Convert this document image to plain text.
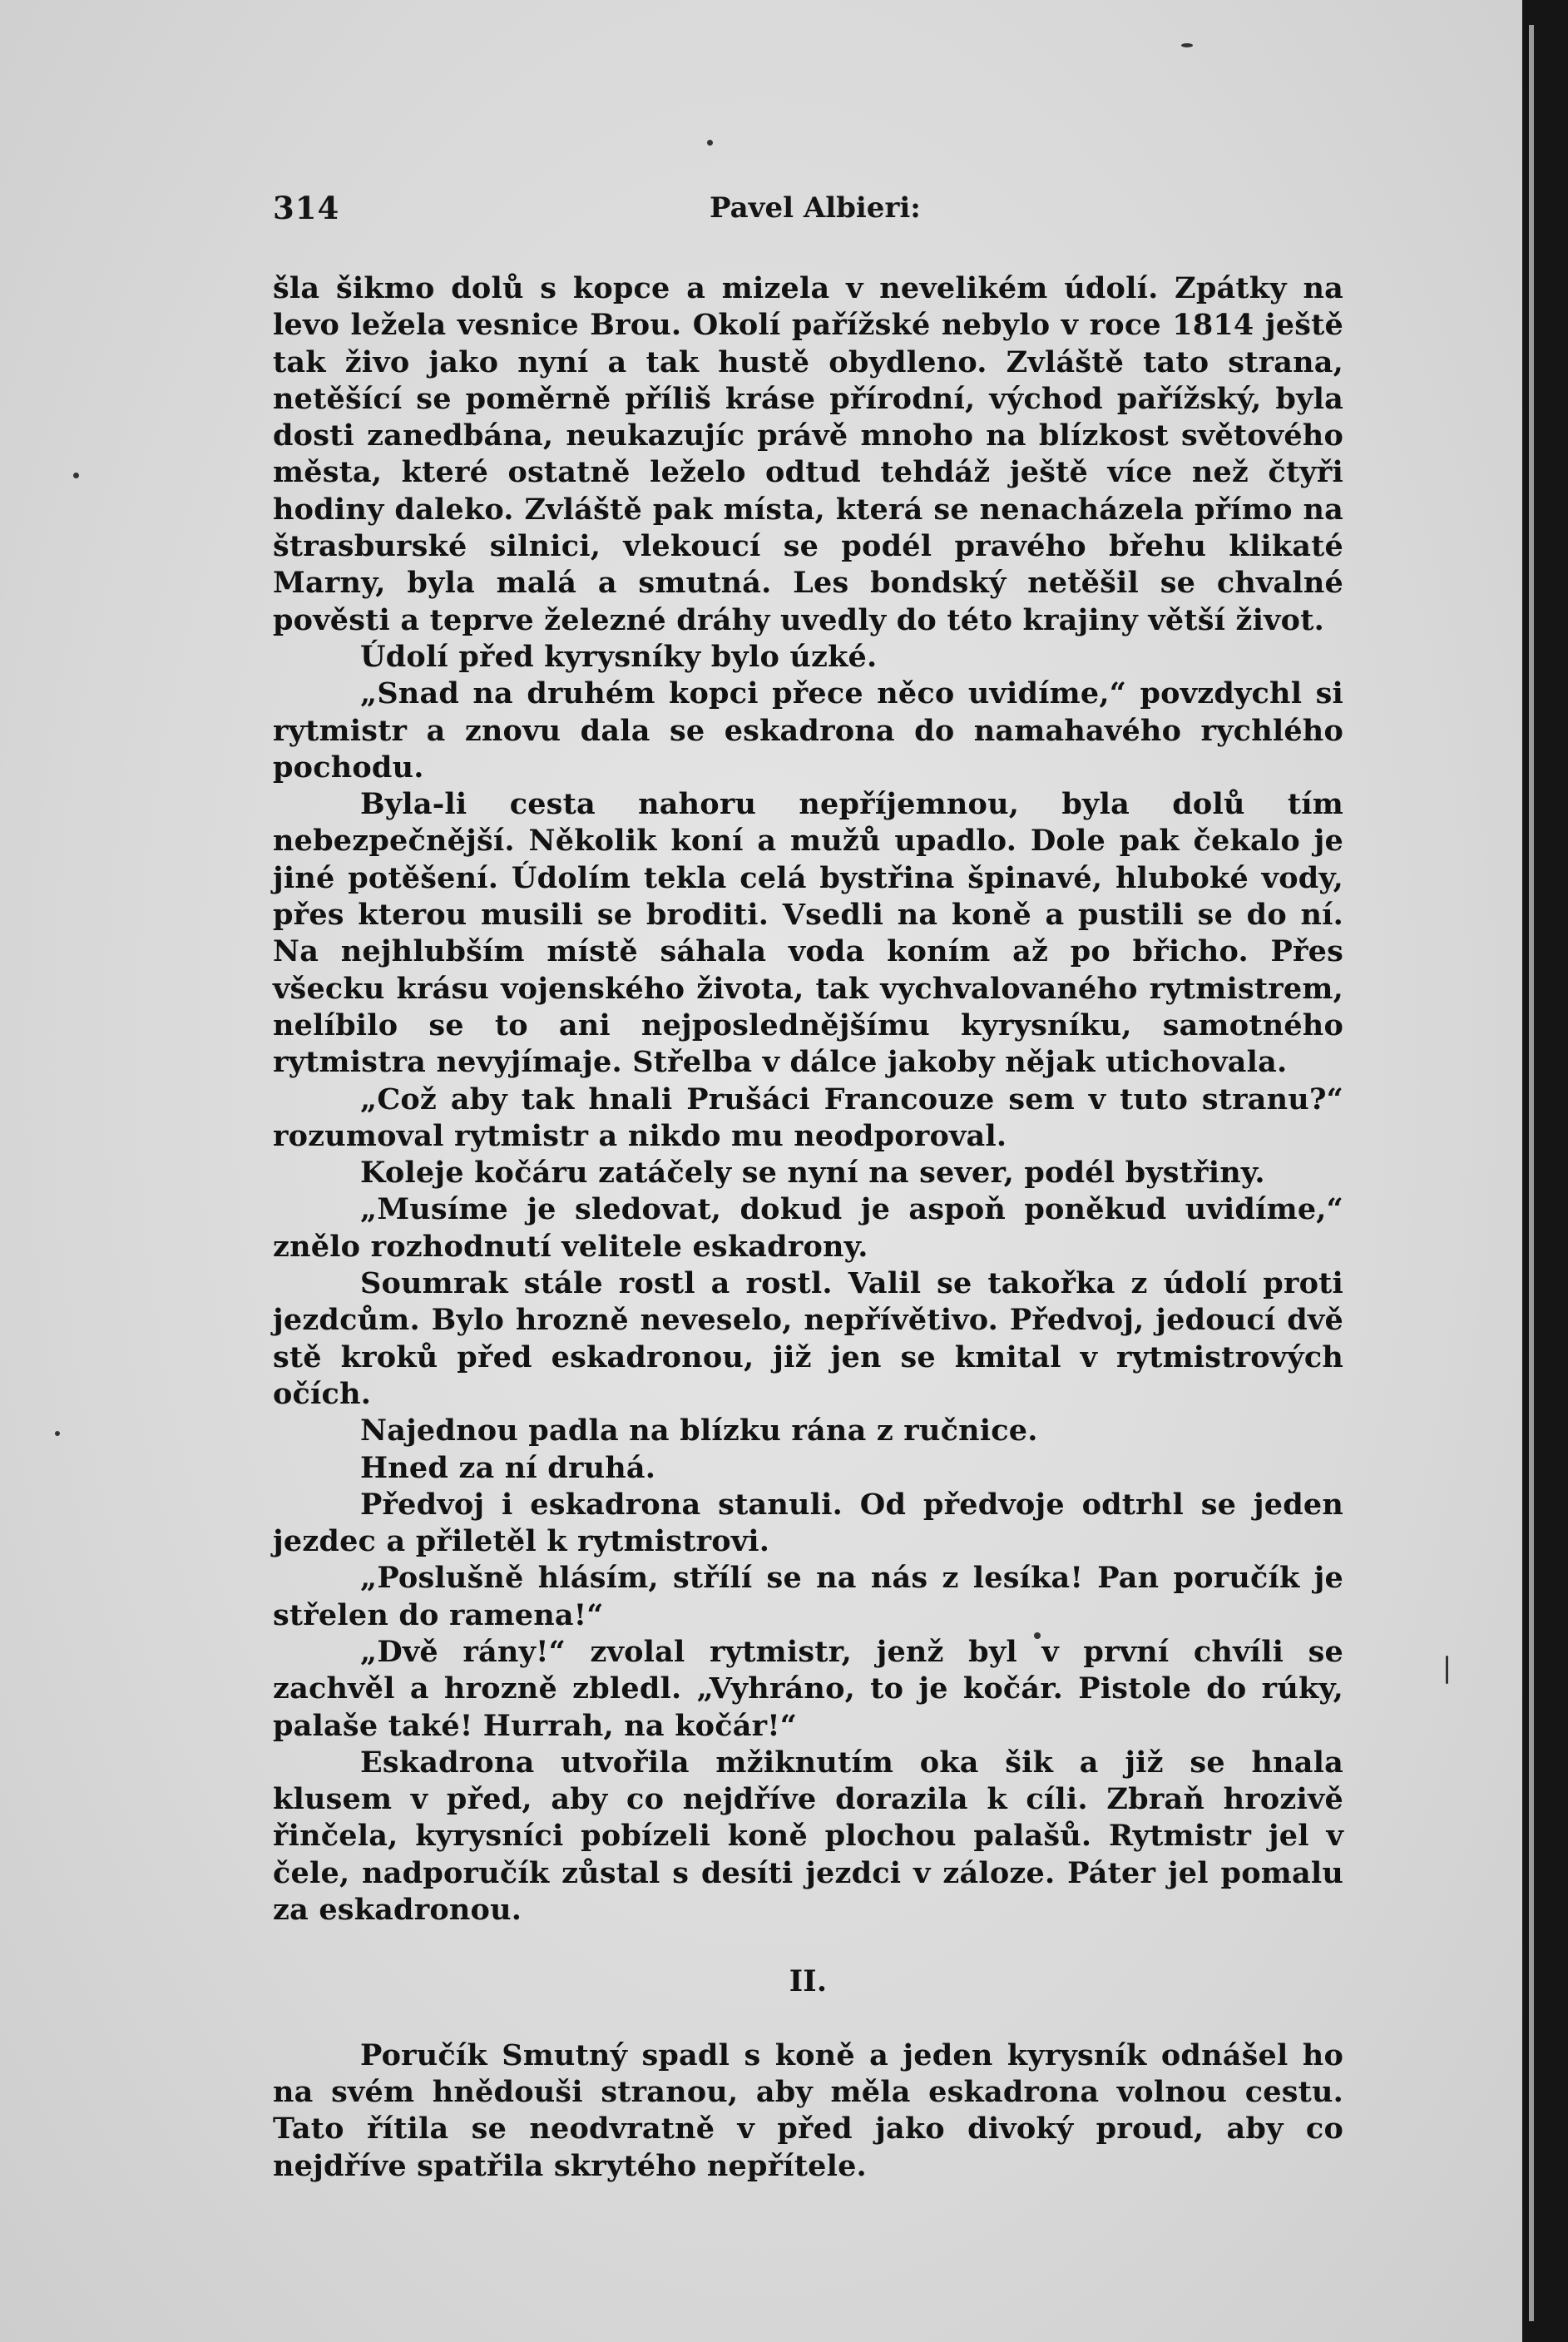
314	Pavel Albieri:

šla šikmo dolů s kopce a mizela v nevelikém údolí. Zpátky na levo ležela vesnice Brou. Okolí pařížské nebylo v roce 1814 ještě tak živo jako nyní a tak hustě obydleno. Zvláště tato strana, netěšící se poměrně příliš kráse přírodní, východ pařížský, byla dosti zanedbána, neukazujíc právě mnoho na blízkost světového města, které ostatně leželo odtud tehdáž ještě více než čtyři hodiny daleko. Zvláště pak místa, která se nenacházela přímo na štrasburské silnici, vlekoucí se podél pravého břehu klikaté Marny, byla malá a smutná. Les bondský netěšil se chvalné pověsti a teprve železné dráhy uvedly do této krajiny větší život.

Údolí před kyrysníky bylo úzké.

„Snad na druhém kopci přece něco uvidíme,“ povzdychl si rytmistr a znovu dala se eskadrona do namahavého rychlého pochodu.

Byla-li cesta nahoru nepříjemnou, byla dolů tím nebezpečnější. Několik koní a mužů upadlo. Dole pak čekalo je jiné potěšení. Údolím tekla celá bystřina špinavé, hluboké vody, přes kterou musili se broditi. Vsedli na koně a pustili se do ní. Na nejhlubším místě sáhala voda koním až po břicho. Přes všecku krásu vojenského života, tak vychvalovaného rytmistrem, nelíbilo se to ani nejposlednějšímu kyrysníku, samotného rytmistra nevyjímaje. Střelba v dálce jakoby nějak utichovala.

„Což aby tak hnali Prušáci Francouze sem v tuto stranu?“ rozumoval rytmistr a nikdo mu neodporoval.

Koleje kočáru zatáčely se nyní na sever, podél bystřiny.

„Musíme je sledovat, dokud je aspoň poněkud uvidíme,“ znělo rozhodnutí velitele eskadrony.

Soumrak stále rostl a rostl. Valil se takořka z údolí proti jezdcům. Bylo hrozně neveselo, nepřívětivo. Předvoj, jedoucí dvě stě kroků před eskadronou, již jen se kmital v rytmistrových očích.

Najednou padla na blízku rána z ručnice.

Hned za ní druhá.

Předvoj i eskadrona stanuli. Od předvoje odtrhl se jeden jezdec a přiletěl k rytmistrovi.

„Poslušně hlásím, střílí se na nás z lesíka! Pan poručík je střelen do ramena!“

„Dvě rány!“ zvolal rytmistr, jenž byl v první chvíli se zachvěl a hrozně zbledl. „Vyhráno, to je kočár. Pistole do rúky, palaše také! Hurrah, na kočár!“

Eskadrona utvořila mžiknutím oka šik a již se hnala klusem v před, aby co nejdříve dorazila k cíli. Zbraň hrozivě řinčela, kyrysníci pobízeli koně plochou palašů. Rytmistr jel v čele, nadporučík zůstal s desíti jezdci v záloze. Páter jel pomalu za eskadronou.

II.

Poručík Smutný spadl s koně a jeden kyrysník odnášel ho na svém hnědouši stranou, aby měla eskadrona volnou cestu. Tato řítila se neodvratně v před jako divoký proud, aby co nejdříve spatřila skrytého nepřítele.
